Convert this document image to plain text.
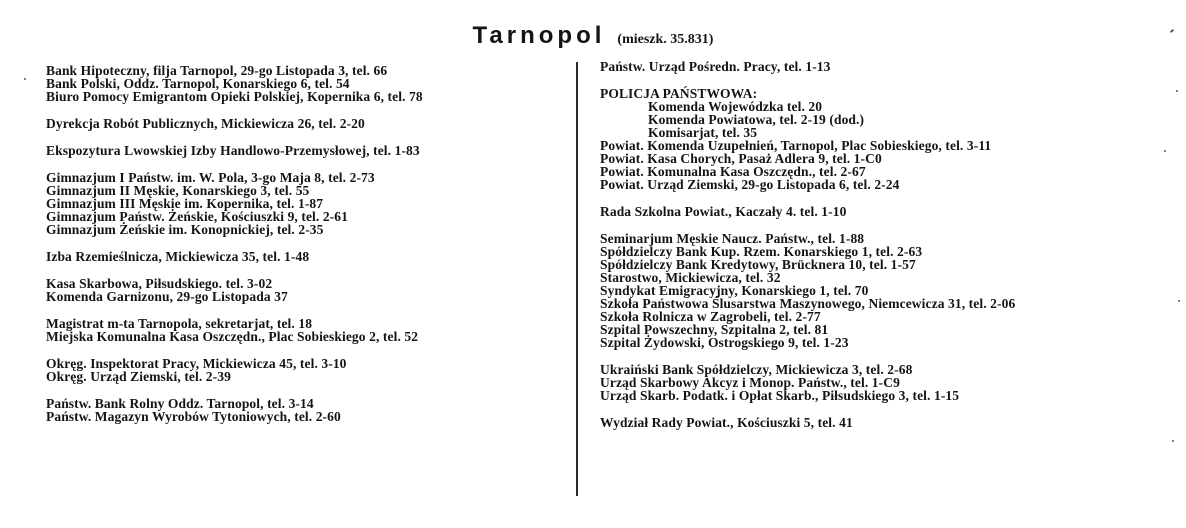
Tarnopol (mieszk. 35.831)
Bank Hipoteczny, filja Tarnopol, 29-go Listopada 3, tel. 66
Bank Polski, Oddz. Tarnopol, Konarskiego 6, tel. 54
Biuro Pomocy Emigrantom Opieki Polskiej, Kopernika 6, tel. 78
Dyrekcja Robót Publicznych, Mickiewicza 26, tel. 2-20
Ekspozytura Lwowskiej Izby Handlowo-Przemysłowej, tel. 1-83
Gimnazjum I Państw. im. W. Pola, 3-go Maja 8, tel. 2-73
Gimnazjum II Męskie, Konarskiego 3, tel. 55
Gimnazjum III Męskie im. Kopernika, tel. 1-87
Gimnazjum Państw. Żeńskie, Kościuszki 9, tel. 2-61
Gimnazjum Żeńskie im. Konopnickiej, tel. 2-35
Izba Rzemieślnicza, Mickiewicza 35, tel. 1-48
Kasa Skarbowa, Piłsudskiego. tel. 3-02
Komenda Garnizonu, 29-go Listopada 37
Magistrat m-ta Tarnopola, sekretarjat, tel. 18
Miejska Komunalna Kasa Oszczędn., Plac Sobieskiego 2, tel. 52
Okręg. Inspektorat Pracy, Mickiewicza 45, tel. 3-10
Okręg. Urząd Ziemski, tel. 2-39
Państw. Bank Rolny Oddz. Tarnopol, tel. 3-14
Państw. Magazyn Wyrobów Tytoniowych, tel. 2-60
Państw. Urząd Pośredn. Pracy, tel. 1-13
POLICJA PAŃSTWOWA:
Komenda Wojewódzka tel. 20
Komenda Powiatowa, tel. 2-19 (dod.)
Komisarjat, tel. 35
Powiat. Komenda Uzupełnień, Tarnopol, Plac Sobieskiego, tel. 3-11
Powiat. Kasa Chorych, Pasaż Adlera 9, tel. 1-C0
Powiat. Komunalna Kasa Oszczędn., tel. 2-67
Powiat. Urząd Ziemski, 29-go Listopada 6, tel. 2-24
Rada Szkolna Powiat., Kaczały 4. tel. 1-10
Seminarjum Męskie Naucz. Państw., tel. 1-88
Spółdzielczy Bank Kup. Rzem. Konarskiego 1, tel. 2-63
Spółdzielczy Bank Kredytowy, Brücknera 10, tel. 1-57
Starostwo, Mickiewicza, tel. 32
Syndykat Emigracyjny, Konarskiego 1, tel. 70
Szkoła Państwowa Ślusarstwa Maszynowego, Niemcewicza 31, tel. 2-06
Szkoła Rolnicza w Zagrobeli, tel. 2-77
Szpital Powszechny, Szpitalna 2, tel. 81
Szpital Żydowski, Ostrogskiego 9, tel. 1-23
Ukraiński Bank Spółdzielczy, Mickiewicza 3, tel. 2-68
Urząd Skarbowy Akcyz i Monop. Państw., tel. 1-C9
Urząd Skarb. Podatk. i Opłat Skarb., Piłsudskiego 3, tel. 1-15
Wydział Rady Powiat., Kościuszki 5, tel. 41
